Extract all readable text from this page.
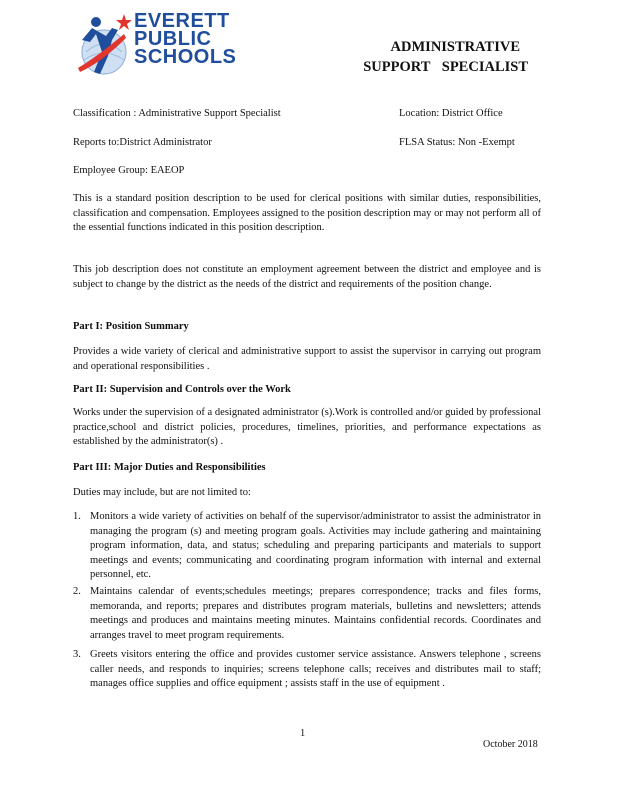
EVERETT
PUBLIC
SCHOOLS	ADMINISTRATIVE
SUPPORT SPECIALIST
Classification : Administrative Support Specialist	Location: District Office
Reports to:District Administrator	FLSA Status: Non -Exempt
Employee Group: EAEOP
This is a standard position description to be used for clerical positions with similar duties, responsibilities, classification and compensation. Employees assigned to the position description may or may not perform all of the essential functions indicated in this position description.
This job description does not constitute an employment agreement between the district and employee and is subject to change by the district as the needs of the district and requirements of the position change.
Part I: Position Summary
Provides a wide variety of clerical and administrative support to assist the supervisor in carrying out program and operational responsibilities .
Part II: Supervision and Controls over the Work
Works under the supervision of a designated administrator (s).Work is controlled and/or guided by professional practice,school and district policies, procedures, timelines, priorities, and performance expectations as established by the administrator(s) .
Part III: Major Duties and Responsibilities
Duties may include, but are not limited to:
1. Monitors a wide variety of activities on behalf of the supervisor/administrator to assist the administrator in managing the program (s) and meeting program goals. Activities may include gathering and maintaining program information, data, and status; scheduling and preparing participants and materials to support meetings and events; communicating and coordinating program information with internal and external personnel, etc.
2. Maintains calendar of events;schedules meetings; prepares correspondence; tracks and files forms, memoranda, and reports; prepares and distributes program materials, bulletins and newsletters; attends meetings and produces and maintains meeting minutes. Maintains confidential records. Coordinates and arranges travel to meet program requirements.
3. Greets visitors entering the office and provides customer service assistance. Answers telephone , screens caller needs, and responds to inquiries; screens telephone calls; receives and distributes mail to staff; manages office supplies and office equipment ; assists staff in the use of equipment .
1
October 2018
